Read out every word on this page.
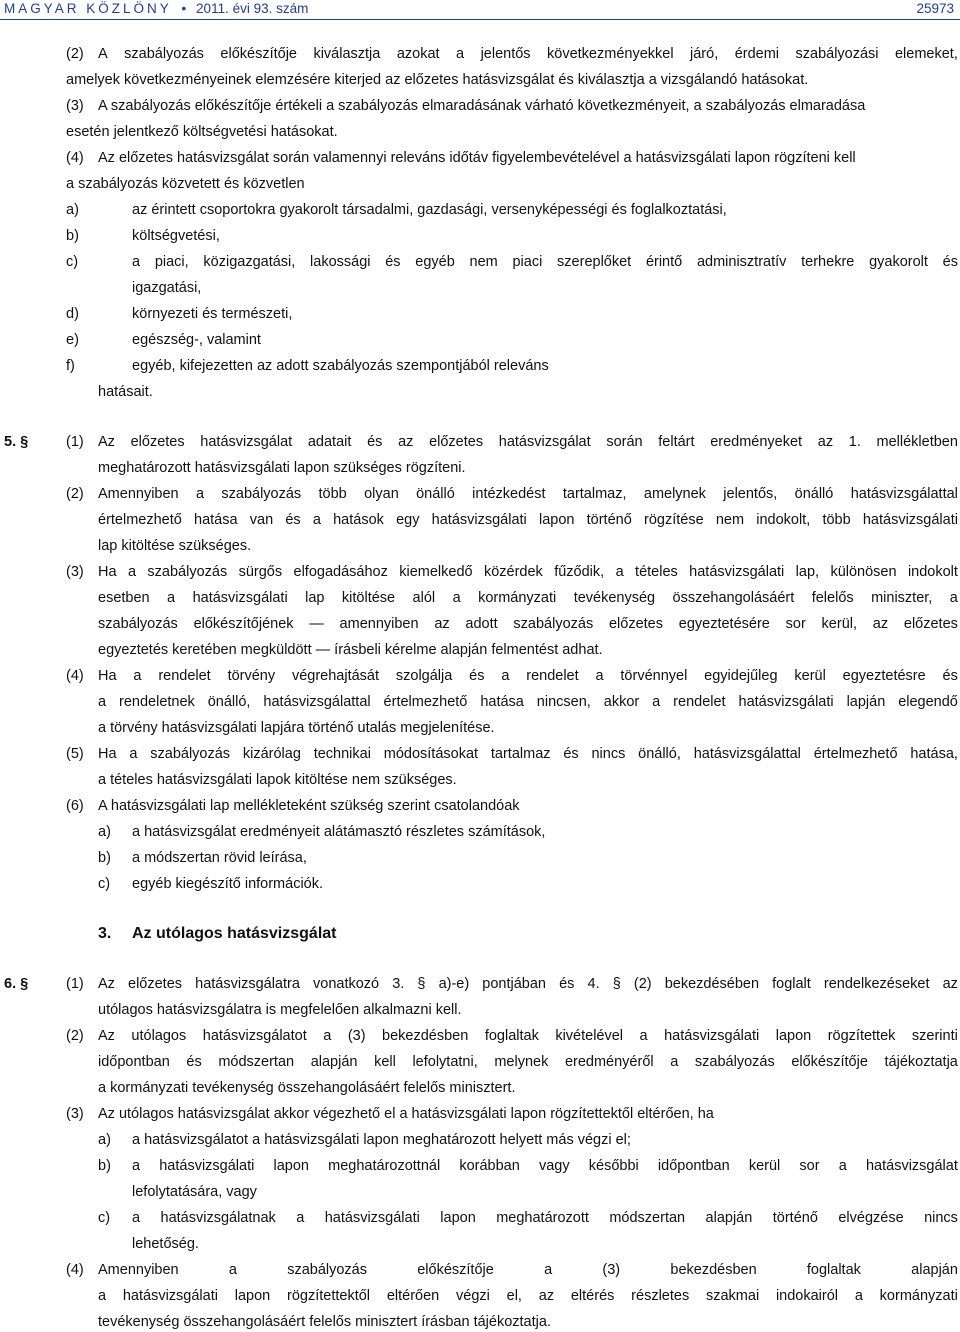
MAGYAR KÖZLÖNY • 2011. évi 93. szám	25973
(2) A szabályozás előkészítője kiválasztja azokat a jelentős következményekkel járó, érdemi szabályozási elemeket,
amelyek következményeinek elemzésére kiterjed az előzetes hatásvizsgálat és kiválasztja a vizsgálandó hatásokat.
(3) A szabályozás előkészítője értékeli a szabályozás elmaradásának várható következményeit, a szabályozás elmaradása
esetén jelentkező költségvetési hatásokat.
(4) Az előzetes hatásvizsgálat során valamennyi releváns időtáv figyelembevételével a hatásvizsgálati lapon rögzíteni kell
a szabályozás közvetett és közvetlen
a)	az érintett csoportokra gyakorolt társadalmi, gazdasági, versenyképességi és foglalkoztatási,
b)	költségvetési,
c)	a piaci, közigazgatási, lakossági és egyéb nem piaci szereplőket érintő adminisztratív terhekre gyakorolt és
igazgatási,
d)	környezeti és természeti,
e)	egészség-, valamint
f)	egyéb, kifejezetten az adott szabályozás szempontjából releváns
hatásait.
5. §	(1) Az előzetes hatásvizsgálat adatait és az előzetes hatásvizsgálat során feltárt eredményeket az 1. mellékletben
meghatározott hatásvizsgálati lapon szükséges rögzíteni.
(2) Amennyiben a szabályozás több olyan önálló intézkedést tartalmaz, amelynek jelentős, önálló hatásvizsgálattal
értelmezhető hatása van és a hatások egy hatásvizsgálati lapon történő rögzítése nem indokolt, több hatásvizsgálati
lap kitöltése szükséges.
(3) Ha a szabályozás sürgős elfogadásához kiemelkedő közérdek fűződik, a tételes hatásvizsgálati lap, különösen indokolt
esetben a hatásvizsgálati lap kitöltése alól a kormányzati tevékenység összehangolásáért felelős miniszter, a
szabályozás előkészítőjének — amennyiben az adott szabályozás előzetes egyeztetésére sor kerül, az előzetes
egyeztetés keretében megküldött — írásbeli kérelme alapján felmentést adhat.
(4) Ha a rendelet törvény végrehajtását szolgálja és a rendelet a törvénnyel egyidejűleg kerül egyeztetésre és
a rendeletnek önálló, hatásvizsgálattal értelmezhető hatása nincsen, akkor a rendelet hatásvizsgálati lapján elegendő
a törvény hatásvizsgálati lapjára történő utalás megjelenítése.
(5) Ha a szabályozás kizárólag technikai módosításokat tartalmaz és nincs önálló, hatásvizsgálattal értelmezhető hatása,
a tételes hatásvizsgálati lapok kitöltése nem szükséges.
(6) A hatásvizsgálati lap mellékleteként szükség szerint csatolandóak
a) a hatásvizsgálat eredményeit alátámasztó részletes számítások,
b) a módszertan rövid leírása,
c) egyéb kiegészítő információk.
3. Az utólagos hatásvizsgálat
6. §	(1) Az előzetes hatásvizsgálatra vonatkozó 3. § a)-e) pontjában és 4. § (2) bekezdésében foglalt rendelkezéseket az
utólagos hatásvizsgálatra is megfelelően alkalmazni kell.
(2) Az utólagos hatásvizsgálatot a (3) bekezdésben foglaltak kivételével a hatásvizsgálati lapon rögzítettek szerinti
időpontban és módszertan alapján kell lefolytatni, melynek eredményéről a szabályozás előkészítője tájékoztatja
a kormányzati tevékenység összehangolásáért felelős minisztert.
(3) Az utólagos hatásvizsgálat akkor végezhető el a hatásvizsgálati lapon rögzítettektől eltérően, ha
a) a hatásvizsgálatot a hatásvizsgálati lapon meghatározott helyett más végzi el;
b) a hatásvizsgálati lapon meghatározottnál korábban vagy későbbi időpontban kerül sor a hatásvizsgálat
lefolytatására, vagy
c) a hatásvizsgálatnak a hatásvizsgálati lapon meghatározott módszertan alapján történő elvégzése nincs
lehetőség.
(4) Amennyiben	a	szabályozás	előkészítője	a	(3)	bekezdésben	foglaltak	alapján
a hatásvizsgálati lapon rögzítettektől eltérően végzi el, az eltérés részletes szakmai indokairól a kormányzati
tevékenység összehangolásáért felelős minisztert írásban tájékoztatja.
